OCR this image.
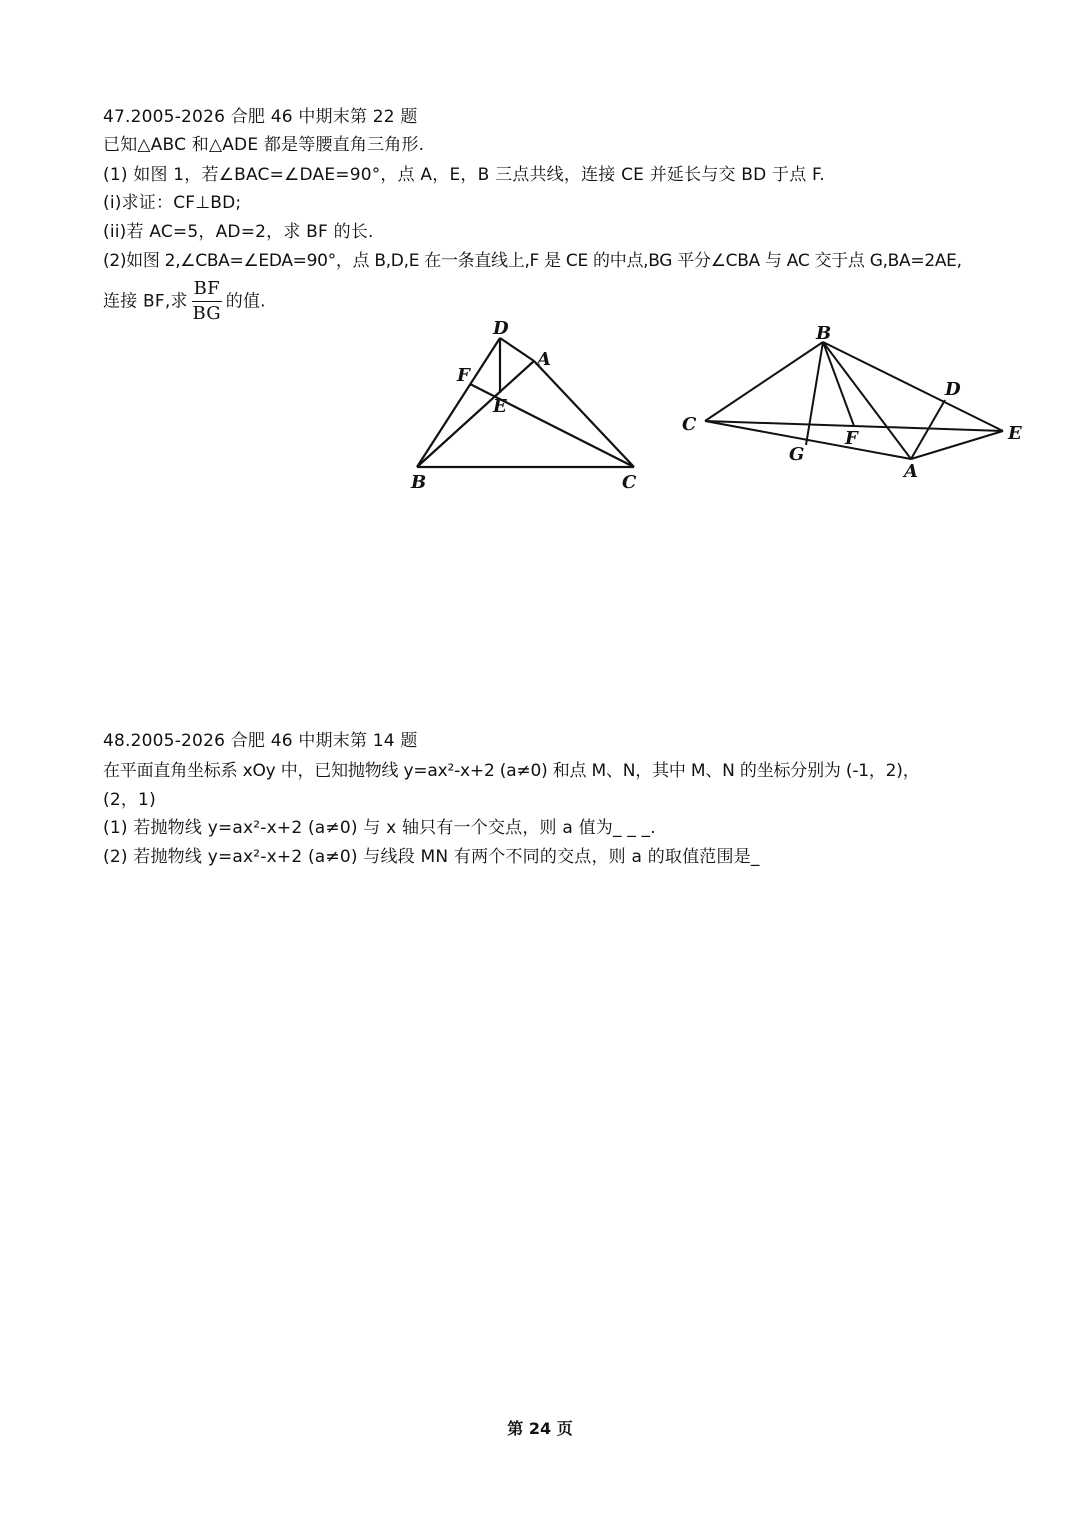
47.2005-2026 合肥 46 中期末第 22 题
已知△ABC 和△ADE 都是等腰直角三角形.
(1) 如图 1，若∠BAC=∠DAE=90°，点 A，E，B 三点共线，连接 CE 并延长与交 BD 于点 F.
(i)求证：CF⊥BD;
(ii)若 AC=5，AD=2，求 BF 的长.
(2)如图 2,∠CBA=∠EDA=90°，点 B,D,E 在一条直线上,F 是 CE 的中点,BG 平分∠CBA 与 AC 交于点 G,BA=2AE,
连接 BF,求 $\frac{BF}{BG}$ 的值.
D
A
F
E
B	C
B
D
C	E
F
G
A
48.2005-2026 合肥 46 中期末第 14 题
在平面直角坐标系 xOy 中，已知抛物线 y=ax²-x+2 (a≠0) 和点 M、N，其中 M、N 的坐标分别为 (-1，2)，
(2，1)
(1) 若抛物线 y=ax²-x+2 (a≠0) 与 x 轴只有一个交点，则 a 值为_ _ _.
(2) 若抛物线 y=ax²-x+2 (a≠0) 与线段 MN 有两个不同的交点，则 a 的取值范围是_
第 24 页
